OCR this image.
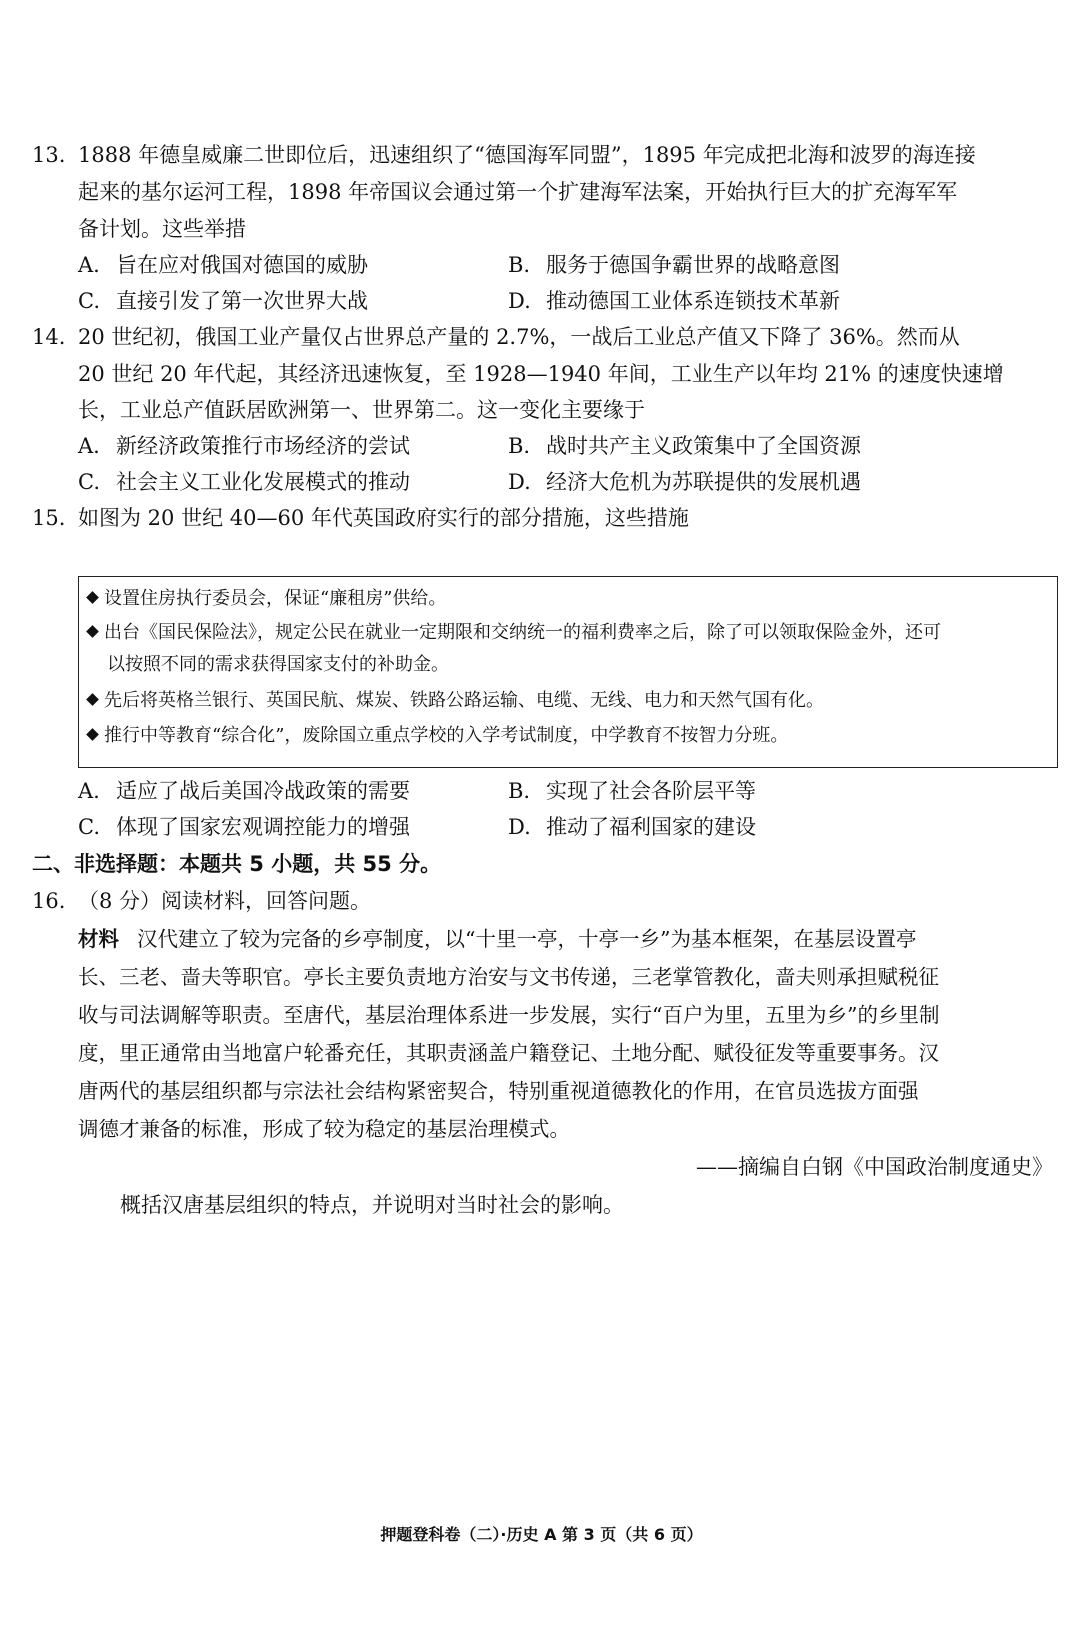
13. 1888 年德皇威廉二世即位后，迅速组织了“德国海军同盟”，1895 年完成把北海和波罗的海连接
起来的基尔运河工程，1898 年帝国议会通过第一个扩建海军法案，开始执行巨大的扩充海军军
备计划。这些举措
A. 旨在应对俄国对德国的威胁	B. 服务于德国争霸世界的战略意图
C. 直接引发了第一次世界大战	D. 推动德国工业体系连锁技术革新
14. 20 世纪初，俄国工业产量仅占世界总产量的 2.7%，一战后工业总产值又下降了 36%。然而从
20 世纪 20 年代起，其经济迅速恢复，至 1928—1940 年间，工业生产以年均 21% 的速度快速增
长，工业总产值跃居欧洲第一、世界第二。这一变化主要缘于
A. 新经济政策推行市场经济的尝试	B. 战时共产主义政策集中了全国资源
C. 社会主义工业化发展模式的推动	D. 经济大危机为苏联提供的发展机遇
15. 如图为 20 世纪 40—60 年代英国政府实行的部分措施，这些措施
设置住房执行委员会，保证“廉租房”供给。
出台《国民保险法》，规定公民在就业一定期限和交纳统一的福利费率之后，除了可以领取保险金外，还可
以按照不同的需求获得国家支付的补助金。
先后将英格兰银行、英国民航、煤炭、铁路公路运输、电缆、无线、电力和天然气国有化。
推行中等教育“综合化”，废除国立重点学校的入学考试制度，中学教育不按智力分班。
A. 适应了战后美国冷战政策的需要	B. 实现了社会各阶层平等
C. 体现了国家宏观调控能力的增强	D. 推动了福利国家的建设
二、非选择题：本题共 5 小题，共 55 分。
16. （8 分）阅读材料，回答问题。
材料 汉代建立了较为完备的乡亭制度，以“十里一亭，十亭一乡”为基本框架，在基层设置亭
长、三老、啬夫等职官。亭长主要负责地方治安与文书传递，三老掌管教化，啬夫则承担赋税征
收与司法调解等职责。至唐代，基层治理体系进一步发展，实行“百户为里，五里为乡”的乡里制
度，里正通常由当地富户轮番充任，其职责涵盖户籍登记、土地分配、赋役征发等重要事务。汉
唐两代的基层组织都与宗法社会结构紧密契合，特别重视道德教化的作用，在官员选拔方面强
调德才兼备的标准，形成了较为稳定的基层治理模式。
——摘编自白钢《中国政治制度通史》
概括汉唐基层组织的特点，并说明对当时社会的影响。
押题登科卷（二）·历史 A 第 3 页（共 6 页）
